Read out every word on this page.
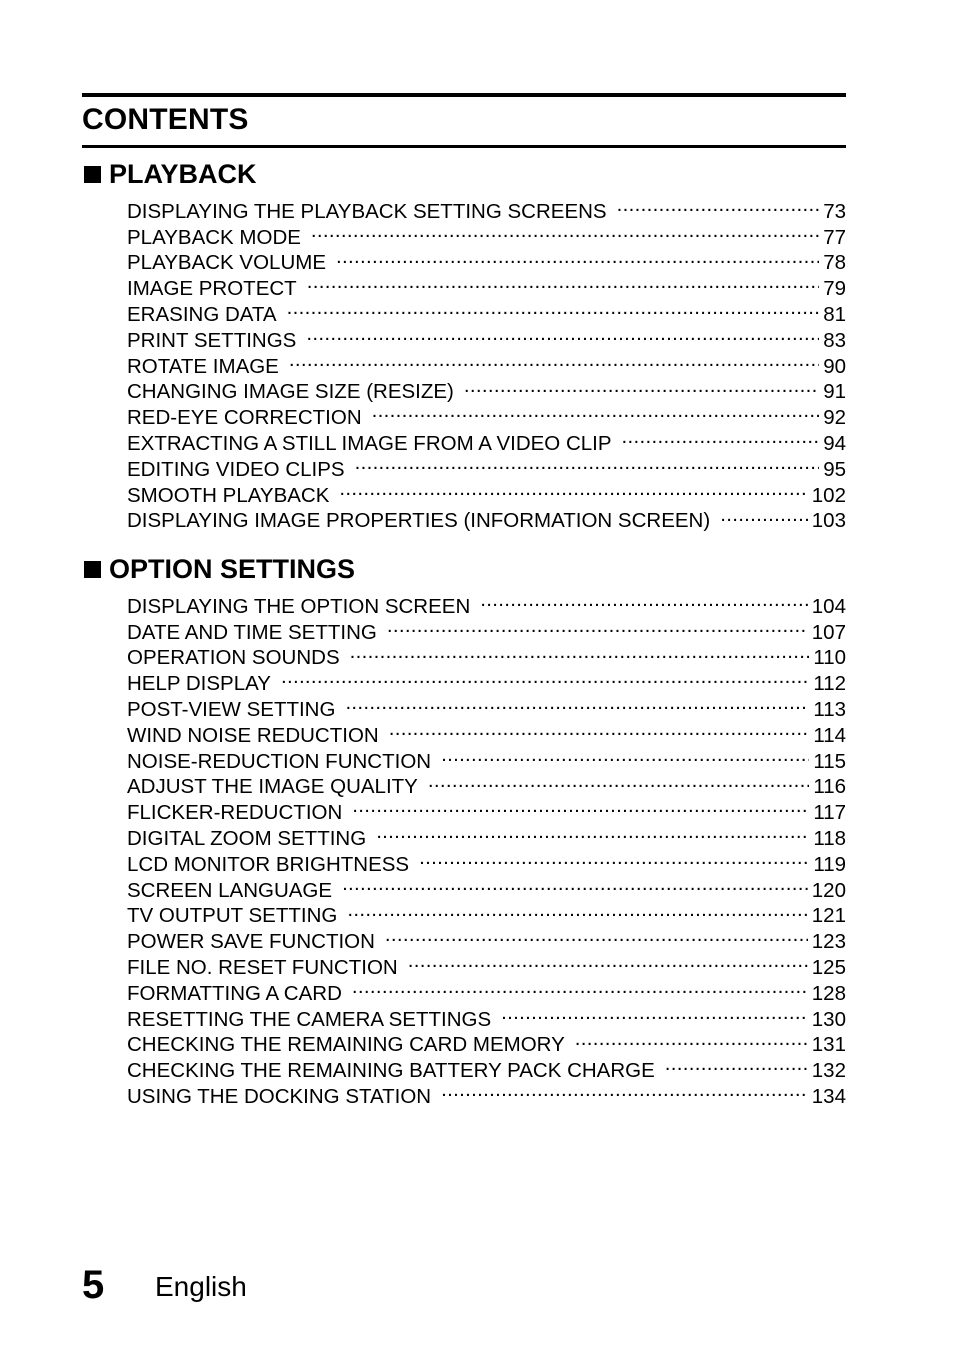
CONTENTS
PLAYBACK
DISPLAYING THE PLAYBACK SETTING SCREENS .....	73
PLAYBACK MODE .....	77
PLAYBACK VOLUME .....	78
IMAGE PROTECT .....	79
ERASING DATA .....	81
PRINT SETTINGS .....	83
ROTATE IMAGE .....	90
CHANGING IMAGE SIZE (RESIZE) .....	91
RED-EYE CORRECTION .....	92
EXTRACTING A STILL IMAGE FROM A VIDEO CLIP .....	94
EDITING VIDEO CLIPS .....	95
SMOOTH PLAYBACK .....	102
DISPLAYING IMAGE PROPERTIES (INFORMATION SCREEN) .....	103
OPTION SETTINGS
DISPLAYING THE OPTION SCREEN .....	104
DATE AND TIME SETTING .....	107
OPERATION SOUNDS .....	110
HELP DISPLAY .....	112
POST-VIEW SETTING .....	113
WIND NOISE REDUCTION .....	114
NOISE-REDUCTION FUNCTION .....	115
ADJUST THE IMAGE QUALITY .....	116
FLICKER-REDUCTION .....	117
DIGITAL ZOOM SETTING .....	118
LCD MONITOR BRIGHTNESS .....	119
SCREEN LANGUAGE .....	120
TV OUTPUT SETTING .....	121
POWER SAVE FUNCTION .....	123
FILE NO. RESET FUNCTION .....	125
FORMATTING A CARD .....	128
RESETTING THE CAMERA SETTINGS .....	130
CHECKING THE REMAINING CARD MEMORY .....	131
CHECKING THE REMAINING BATTERY PACK CHARGE .....	132
USING THE DOCKING STATION .....	134
5 English
